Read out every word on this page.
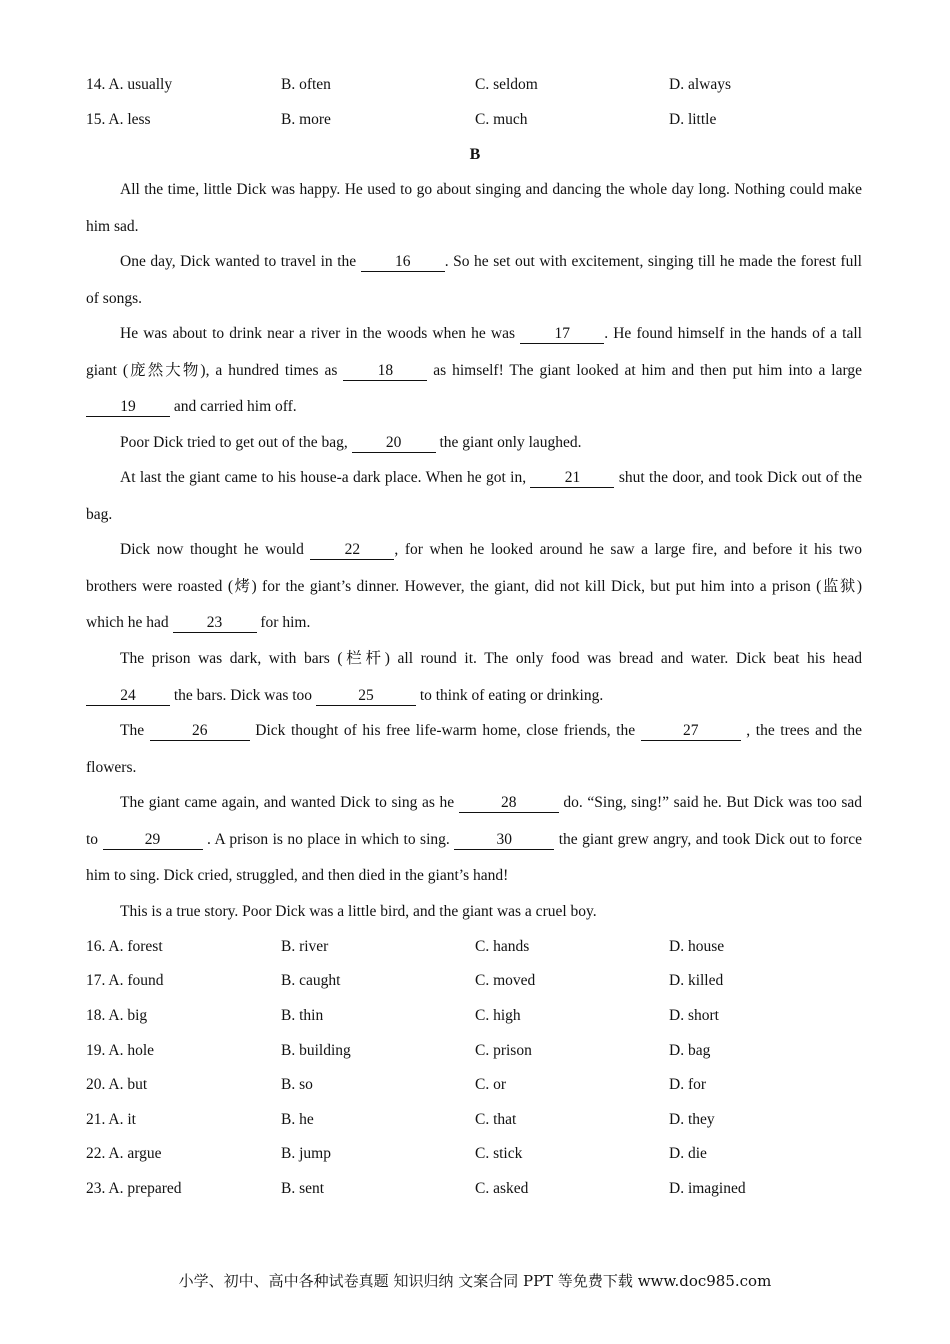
14. A. usually	B. often	C. seldom	D. always
15. A. less	B. more	C. much	D. little
B
All the time, little Dick was happy. He used to go about singing and dancing the whole day long. Nothing could make him sad.
One day, Dick wanted to travel in the 16 . So he set out with excitement, singing till he made the forest full of songs.
He was about to drink near a river in the woods when he was 17 . He found himself in the hands of a tall giant (庞然大物), a hundred times as 18 as himself! The giant looked at him and then put him into a large 19 and carried him off.
Poor Dick tried to get out of the bag, 20 the giant only laughed.
At last the giant came to his house-a dark place. When he got in, 21 shut the door, and took Dick out of the bag.
Dick now thought he would 22 , for when he looked around he saw a large fire, and before it his two brothers were roasted (烤) for the giant’s dinner. However, the giant, did not kill Dick, but put him into a prison (监狱) which he had 23 for him.
The prison was dark, with bars (栏杆) all round it. The only food was bread and water. Dick beat his head 24 the bars. Dick was too	25	to think of eating or drinking.
The	26	Dick thought of his free life-warm home, close friends, the	27	, the trees and the flowers.
The giant came again, and wanted Dick to sing as he	28	do. “Sing, sing!” said he. But Dick was too sad to	29	. A prison is no place in which to sing.	30	the giant grew angry, and took Dick out to force him to sing. Dick cried, struggled, and then died in the giant’s hand!
This is a true story. Poor Dick was a little bird, and the giant was a cruel boy.
16. A. forest	B. river	C. hands	D. house
17. A. found	B. caught	C. moved	D. killed
18. A. big	B. thin	C. high	D. short
19. A. hole	B. building	C. prison	D. bag
20. A. but	B. so	C. or	D. for
21. A. it	B. he	C. that	D. they
22. A. argue	B. jump	C. stick	D. die
23. A. prepared	B. sent	C. asked	D. imagined
小学、初中、高中各种试卷真题 知识归纳 文案合同 PPT 等免费下载 www.doc985.com
